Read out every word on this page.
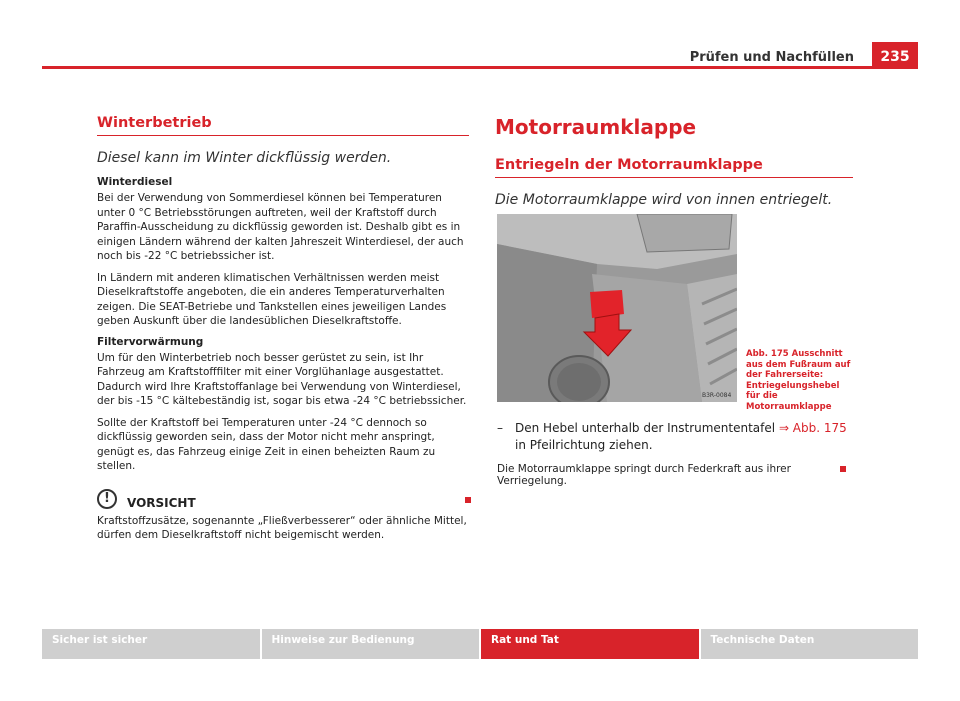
Prüfen und Nachfüllen	235
Winterbetrieb

Diesel kann im Winter dickflüssig werden.

Winterdiesel

Bei der Verwendung von Sommerdiesel können bei Temperaturen unter 0 °C Betriebsstörungen auftreten, weil der Kraftstoff durch Paraffin-Ausscheidung zu dickflüssig geworden ist. Deshalb gibt es in einigen Ländern während der kalten Jahreszeit Winterdiesel, der auch noch bis -22 °C betriebssicher ist.

In Ländern mit anderen klimatischen Verhältnissen werden meist Dieselkraftstoffe angeboten, die ein anderes Temperaturverhalten zeigen. Die SEAT-Betriebe und Tankstellen eines jeweiligen Landes geben Auskunft über die landesüblichen Dieselkraftstoffe.

Filtervorwärmung

Um für den Winterbetrieb noch besser gerüstet zu sein, ist Ihr Fahrzeug am Kraftstofffilter mit einer Vorglühanlage ausgestattet. Dadurch wird Ihre Kraftstoffanlage bei Verwendung von Winterdiesel, der bis -15 °C kältebeständig ist, sogar bis etwa -24 °C betriebssicher.

Sollte der Kraftstoff bei Temperaturen unter -24 °C dennoch so dickflüssig geworden sein, dass der Motor nicht mehr anspringt, genügt es, das Fahrzeug einige Zeit in einen beheizten Raum zu stellen.

!	VORSICHT

Kraftstoffzusätze, sogenannte „Fließverbesserer“ oder ähnliche Mittel, dürfen dem Dieselkraftstoff nicht beigemischt werden.

Motorraumklappe
Entriegeln der Motorraumklappe

Die Motorraumklappe wird von innen entriegelt.

B3R-0084
Abb. 175 Ausschnitt aus dem Fußraum auf der Fahrerseite: Entriegelungshebel für die Motorraumklappe
–	Den Hebel unterhalb der Instrumententafel ⇒ Abb. 175 in Pfeilrichtung ziehen.
Die Motorraumklappe springt durch Federkraft aus ihrer Verriegelung.
Sicher ist sicher	Hinweise zur Bedienung	Rat und Tat	Technische Daten
